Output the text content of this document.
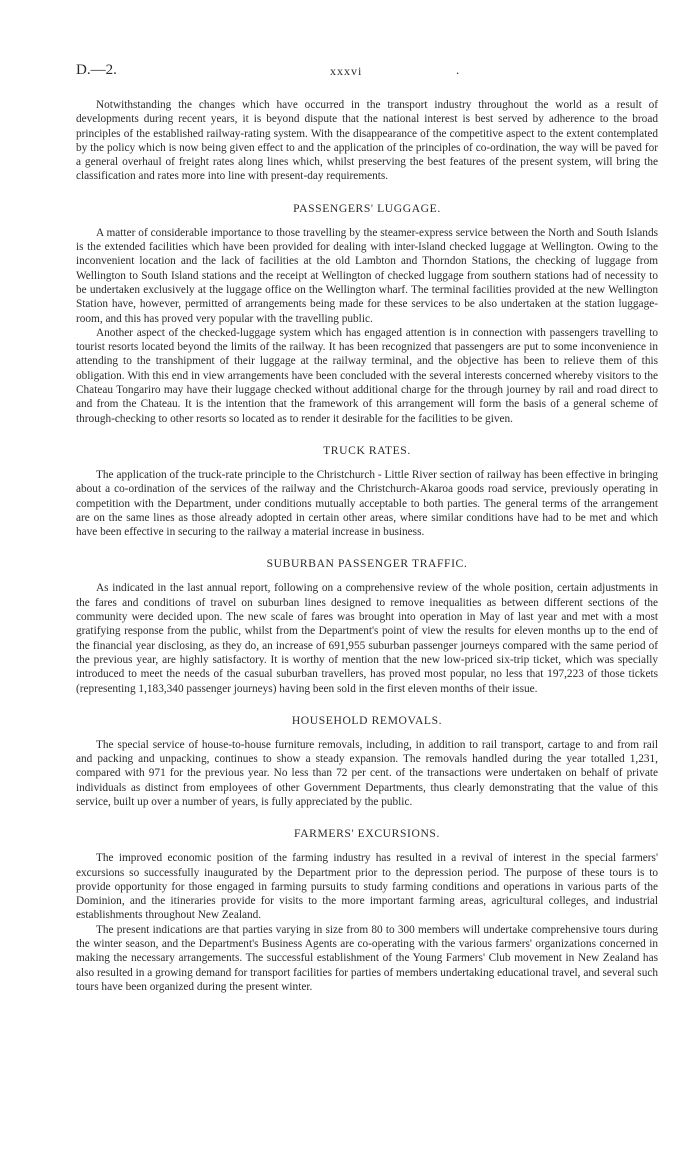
D.—2.	xxxvi	.

Notwithstanding the changes which have occurred in the transport industry throughout the world as a result of developments during recent years, it is beyond dispute that the national interest is best served by adherence to the broad principles of the established railway-rating system. With the disappearance of the competitive aspect to the extent contemplated by the policy which is now being given effect to and the application of the principles of co-ordination, the way will be paved for a general overhaul of freight rates along lines which, whilst preserving the best features of the present system, will bring the classification and rates more into line with present-day requirements.

PASSENGERS' LUGGAGE.

A matter of considerable importance to those travelling by the steamer-express service between the North and South Islands is the extended facilities which have been provided for dealing with inter-Island checked luggage at Wellington. Owing to the inconvenient location and the lack of facilities at the old Lambton and Thorndon Stations, the checking of luggage from Wellington to South Island stations and the receipt at Wellington of checked luggage from southern stations had of necessity to be undertaken exclusively at the luggage office on the Wellington wharf. The terminal facilities provided at the new Wellington Station have, however, permitted of arrangements being made for these services to be also undertaken at the station luggage-room, and this has proved very popular with the travelling public.

Another aspect of the checked-luggage system which has engaged attention is in connection with passengers travelling to tourist resorts located beyond the limits of the railway. It has been recognized that passengers are put to some inconvenience in attending to the transhipment of their luggage at the railway terminal, and the objective has been to relieve them of this obligation. With this end in view arrangements have been concluded with the several interests concerned whereby visitors to the Chateau Tongariro may have their luggage checked without additional charge for the through journey by rail and road direct to and from the Chateau. It is the intention that the framework of this arrangement will form the basis of a general scheme of through-checking to other resorts so located as to render it desirable for the facilities to be given.

TRUCK RATES.

The application of the truck-rate principle to the Christchurch - Little River section of railway has been effective in bringing about a co-ordination of the services of the railway and the Christchurch-Akaroa goods road service, previously operating in competition with the Department, under conditions mutually acceptable to both parties. The general terms of the arrangement are on the same lines as those already adopted in certain other areas, where similar conditions have had to be met and which have been effective in securing to the railway a material increase in business.

SUBURBAN PASSENGER TRAFFIC.

As indicated in the last annual report, following on a comprehensive review of the whole position, certain adjustments in the fares and conditions of travel on suburban lines designed to remove inequalities as between different sections of the community were decided upon. The new scale of fares was brought into operation in May of last year and met with a most gratifying response from the public, whilst from the Department's point of view the results for eleven months up to the end of the financial year disclosing, as they do, an increase of 691,955 suburban passenger journeys compared with the same period of the previous year, are highly satisfactory. It is worthy of mention that the new low-priced six-trip ticket, which was specially introduced to meet the needs of the casual suburban travellers, has proved most popular, no less that 197,223 of those tickets (representing 1,183,340 passenger journeys) having been sold in the first eleven months of their issue.

HOUSEHOLD REMOVALS.

The special service of house-to-house furniture removals, including, in addition to rail transport, cartage to and from rail and packing and unpacking, continues to show a steady expansion. The removals handled during the year totalled 1,231, compared with 971 for the previous year. No less than 72 per cent. of the transactions were undertaken on behalf of private individuals as distinct from employees of other Government Departments, thus clearly demonstrating that the value of this service, built up over a number of years, is fully appreciated by the public.

FARMERS' EXCURSIONS.

The improved economic position of the farming industry has resulted in a revival of interest in the special farmers' excursions so successfully inaugurated by the Department prior to the depression period. The purpose of these tours is to provide opportunity for those engaged in farming pursuits to study farming conditions and operations in various parts of the Dominion, and the itineraries provide for visits to the more important farming areas, agricultural colleges, and industrial establishments throughout New Zealand.

The present indications are that parties varying in size from 80 to 300 members will undertake comprehensive tours during the winter season, and the Department's Business Agents are co-operating with the various farmers' organizations concerned in making the necessary arrangements. The successful establishment of the Young Farmers' Club movement in New Zealand has also resulted in a growing demand for transport facilities for parties of members undertaking educational travel, and several such tours have been organized during the present winter.
